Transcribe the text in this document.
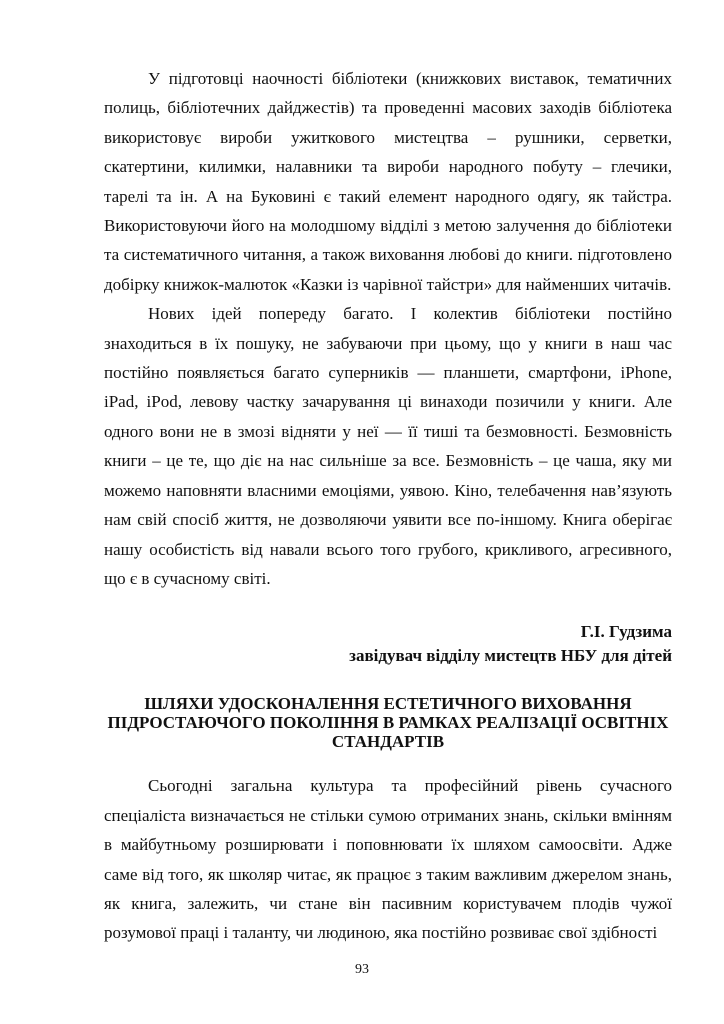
У підготовці наочності бібліотеки (книжкових виставок, тематичних полиць, бібліотечних дайджестів) та проведенні масових заходів бібліотека використовує вироби ужиткового мистецтва – рушники, серветки, скатертини, килимки, налавники та вироби народного побуту – глечики, тарелі та ін. А на Буковині є такий елемент народного одягу, як тайстра. Використовуючи його на молодшому відділі з метою залучення до бібліотеки та систематичного читання, а також виховання любові до книги. підготовлено добірку книжок-малюток «Казки із чарівної тайстри» для найменших читачів.

Нових ідей попереду багато. І колектив бібліотеки постійно знаходиться в їх пошуку, не забуваючи при цьому, що у книги в наш час постійно появляється багато суперників — планшети, смартфони, iPhone, iPad, iPod, левову частку зачарування ці винаходи позичили у книги. Але одного вони не в змозі відняти у неї — її тиші та безмовності. Безмовність книги – це те, що діє на нас сильніше за все. Безмовність – це чаша, яку ми можемо наповняти власними емоціями, уявою. Кіно, телебачення нав’язують нам свій спосіб життя, не дозволяючи уявити все по-іншому. Книга оберігає нашу особистість від навали всього того грубого, крикливого, агресивного, що є в сучасному світі.

Г.І. Гудзима
завідувач відділу мистецтв НБУ для дітей
ШЛЯХИ УДОСКОНАЛЕННЯ ЕСТЕТИЧНОГО ВИХОВАННЯ
ПІДРОСТАЮЧОГО ПОКОЛІННЯ В РАМКАХ РЕАЛІЗАЦІЇ ОСВІТНІХ
СТАНДАРТІВ

Сьогодні загальна культура та професійний рівень сучасного спеціаліста визначається не стільки сумою отриманих знань, скільки вмінням в майбутньому розширювати і поповнювати їх шляхом самоосвіти. Адже саме від того, як школяр читає, як працює з таким важливим джерелом знань, як книга, залежить, чи стане він пасивним користувачем плодів чужої розумової праці і таланту, чи людиною, яка постійно розвиває свої здібності

93
